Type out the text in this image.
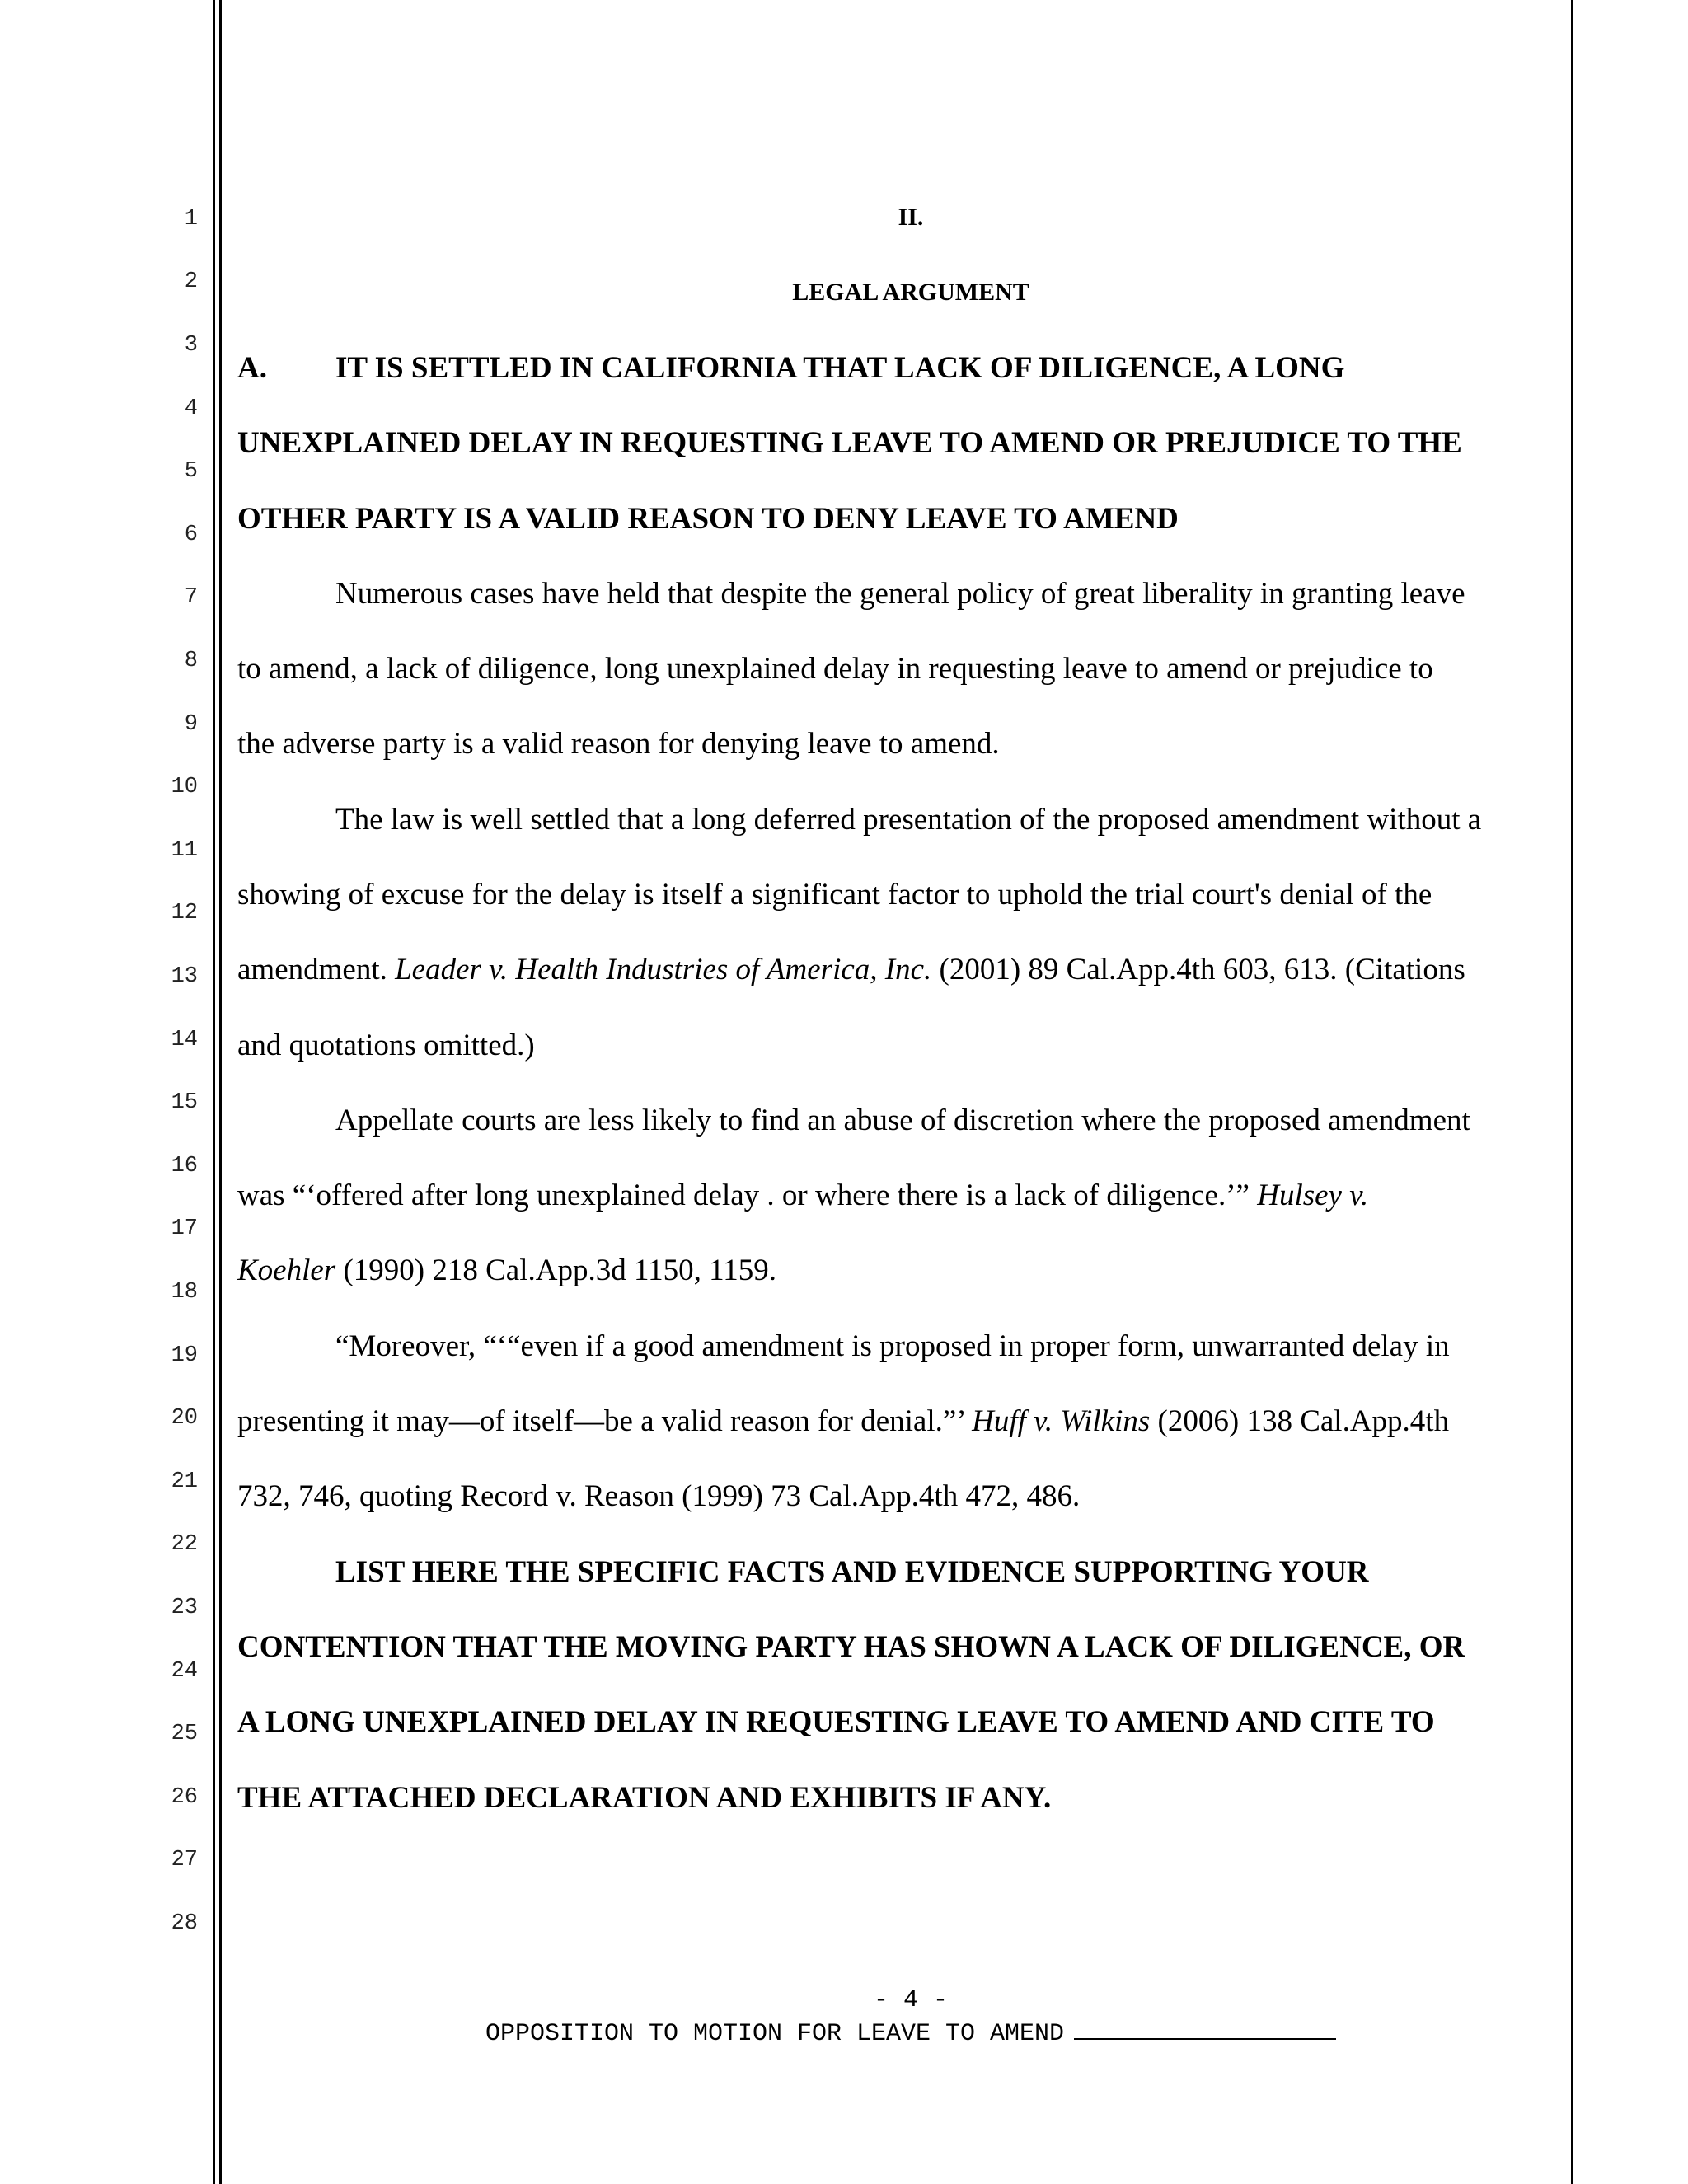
1
2
3
4
5
6
7
8
9
10
11
12
13
14
15
16
17
18
19
20
21
22
23
24
25
26
27
28
II.
LEGAL ARGUMENT
A. IT IS SETTLED IN CALIFORNIA THAT LACK OF DILIGENCE, A LONG
UNEXPLAINED DELAY IN REQUESTING LEAVE TO AMEND OR PREJUDICE TO THE
OTHER PARTY IS A VALID REASON TO DENY LEAVE TO AMEND
Numerous cases have held that despite the general policy of great liberality in granting leave
to amend, a lack of diligence, long unexplained delay in requesting leave to amend or prejudice to
the adverse party is a valid reason for denying leave to amend.
The law is well settled that a long deferred presentation of the proposed amendment without a
showing of excuse for the delay is itself a significant factor to uphold the trial court's denial of the
amendment. Leader v. Health Industries of America, Inc. (2001) 89 Cal.App.4th 603, 613. (Citations
and quotations omitted.)
Appellate courts are less likely to find an abuse of discretion where the proposed amendment
was “‘offered after long unexplained delay . or where there is a lack of diligence.’” Hulsey v.
Koehler (1990) 218 Cal.App.3d 1150, 1159.
“Moreover, “‘“even if a good amendment is proposed in proper form, unwarranted delay in
presenting it may—of itself—be a valid reason for denial.”’ Huff v. Wilkins (2006) 138 Cal.App.4th
732, 746, quoting Record v. Reason (1999) 73 Cal.App.4th 472, 486.
LIST HERE THE SPECIFIC FACTS AND EVIDENCE SUPPORTING YOUR
CONTENTION THAT THE MOVING PARTY HAS SHOWN A LACK OF DILIGENCE, OR
A LONG UNEXPLAINED DELAY IN REQUESTING LEAVE TO AMEND AND CITE TO
THE ATTACHED DECLARATION AND EXHIBITS IF ANY.
- 4 -
OPPOSITION TO MOTION FOR LEAVE TO AMEND
